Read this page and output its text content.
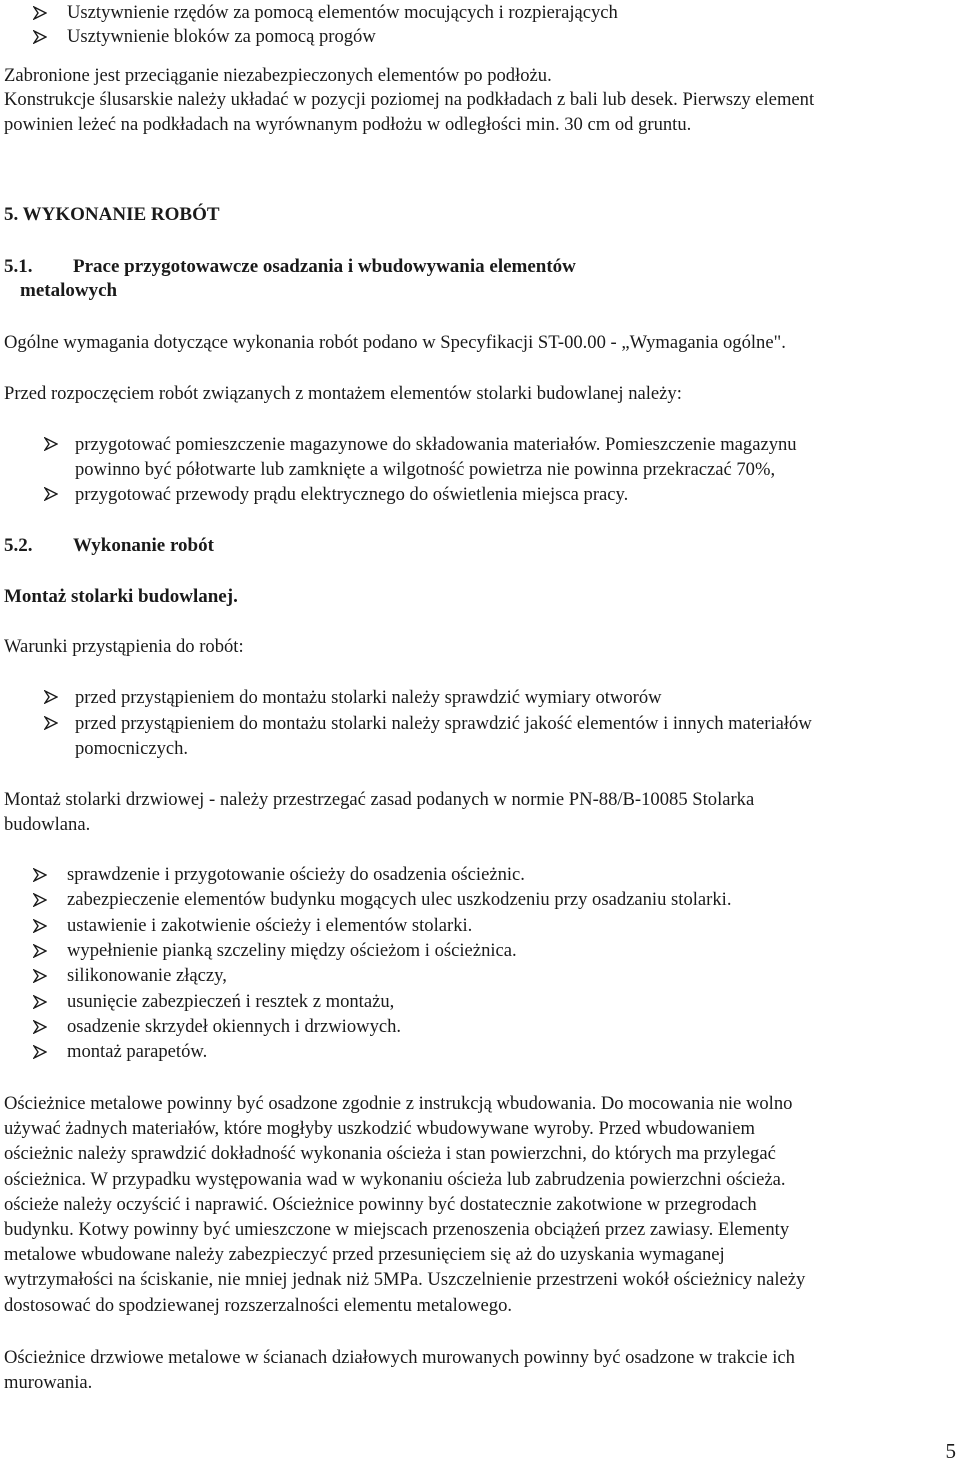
Usztywnienie rzędów za pomocą elementów mocujących i rozpierających
Usztywnienie bloków za pomocą progów
Zabronione jest przeciąganie niezabezpieczonych elementów po podłożu.
Konstrukcje ślusarskie należy układać w pozycji poziomej na podkładach z bali lub desek. Pierwszy element
powinien leżeć na podkładach na wyrównanym podłożu w odległości min. 30 cm od gruntu.
5. WYKONANIE ROBÓT
5.1. Prace przygotowawcze osadzania i wbudowywania elementów
metalowych
Ogólne wymagania dotyczące wykonania robót podano w Specyfikacji ST-00.00 - „Wymagania ogólne".
Przed rozpoczęciem robót związanych z montażem elementów stolarki budowlanej należy:
przygotować pomieszczenie magazynowe do składowania materiałów. Pomieszczenie magazynu
powinno być półotwarte lub zamknięte a wilgotność powietrza nie powinna przekraczać 70%,
przygotować przewody prądu elektrycznego do oświetlenia miejsca pracy.
5.2. Wykonanie robót
Montaż stolarki budowlanej.
Warunki przystąpienia do robót:
przed przystąpieniem do montażu stolarki należy sprawdzić wymiary otworów
przed przystąpieniem do montażu stolarki należy sprawdzić jakość elementów i innych materiałów
pomocniczych.
Montaż stolarki drzwiowej - należy przestrzegać zasad podanych w normie PN-88/B-10085 Stolarka
budowlana.
sprawdzenie i przygotowanie ościeży do osadzenia ościeżnic.
zabezpieczenie elementów budynku mogących ulec uszkodzeniu przy osadzaniu stolarki.
ustawienie i zakotwienie ościeży i elementów stolarki.
wypełnienie pianką szczeliny między ościeżom i ościeżnica.
silikonowanie złączy,
usunięcie zabezpieczeń i resztek z montażu,
osadzenie skrzydeł okiennych i drzwiowych.
montaż parapetów.
Ościeżnice metalowe powinny być osadzone zgodnie z instrukcją wbudowania. Do mocowania nie wolno
używać żadnych materiałów, które mogłyby uszkodzić wbudowywane wyroby. Przed wbudowaniem
ościeżnic należy sprawdzić dokładność wykonania ościeża i stan powierzchni, do których ma przylegać
ościeżnica. W przypadku występowania wad w wykonaniu ościeża lub zabrudzenia powierzchni ościeża.
ościeże należy oczyścić i naprawić. Ościeżnice powinny być dostatecznie zakotwione w przegrodach
budynku. Kotwy powinny być umieszczone w miejscach przenoszenia obciążeń przez zawiasy. Elementy
metalowe wbudowane należy zabezpieczyć przed przesunięciem się aż do uzyskania wymaganej
wytrzymałości na ściskanie, nie mniej jednak niż 5MPa. Uszczelnienie przestrzeni wokół ościeżnicy należy
dostosować do spodziewanej rozszerzalności elementu metalowego.
Ościeżnice drzwiowe metalowe w ścianach działowych murowanych powinny być osadzone w trakcie ich
murowania.
5
